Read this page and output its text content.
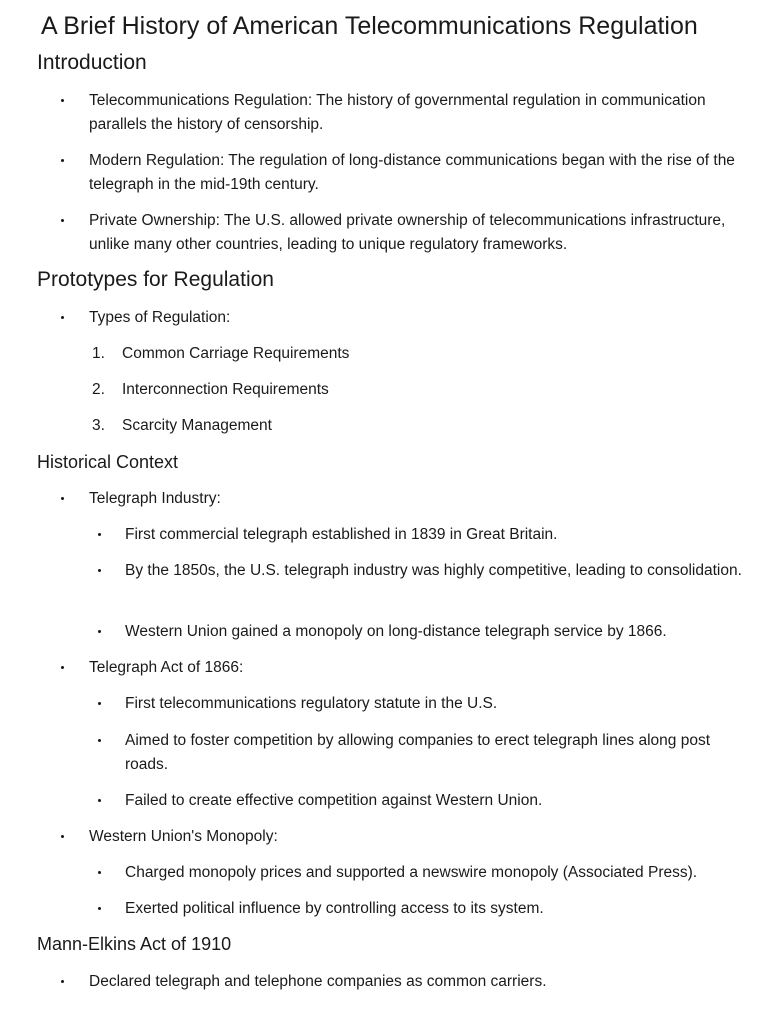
A Brief History of American Telecommunications Regulation
Introduction

Telecommunications Regulation: The history of governmental regulation in communication parallels the history of censorship.

Modern Regulation: The regulation of long-distance communications began with the rise of the telegraph in the mid-19th century.

Private Ownership: The U.S. allowed private ownership of telecommunications infrastructure, unlike many other countries, leading to unique regulatory frameworks.

Prototypes for Regulation

Types of Regulation:

1. Common Carriage Requirements

2. Interconnection Requirements

3. Scarcity Management

Historical Context

Telegraph Industry:

First commercial telegraph established in 1839 in Great Britain.

By the 1850s, the U.S. telegraph industry was highly competitive, leading to consolidation.

Western Union gained a monopoly on long-distance telegraph service by 1866.

Telegraph Act of 1866:

First telecommunications regulatory statute in the U.S.

Aimed to foster competition by allowing companies to erect telegraph lines along post roads.

Failed to create effective competition against Western Union.

Western Union's Monopoly:

Charged monopoly prices and supported a newswire monopoly (Associated Press).

Exerted political influence by controlling access to its system.

Mann-Elkins Act of 1910

Declared telegraph and telephone companies as common carriers.
